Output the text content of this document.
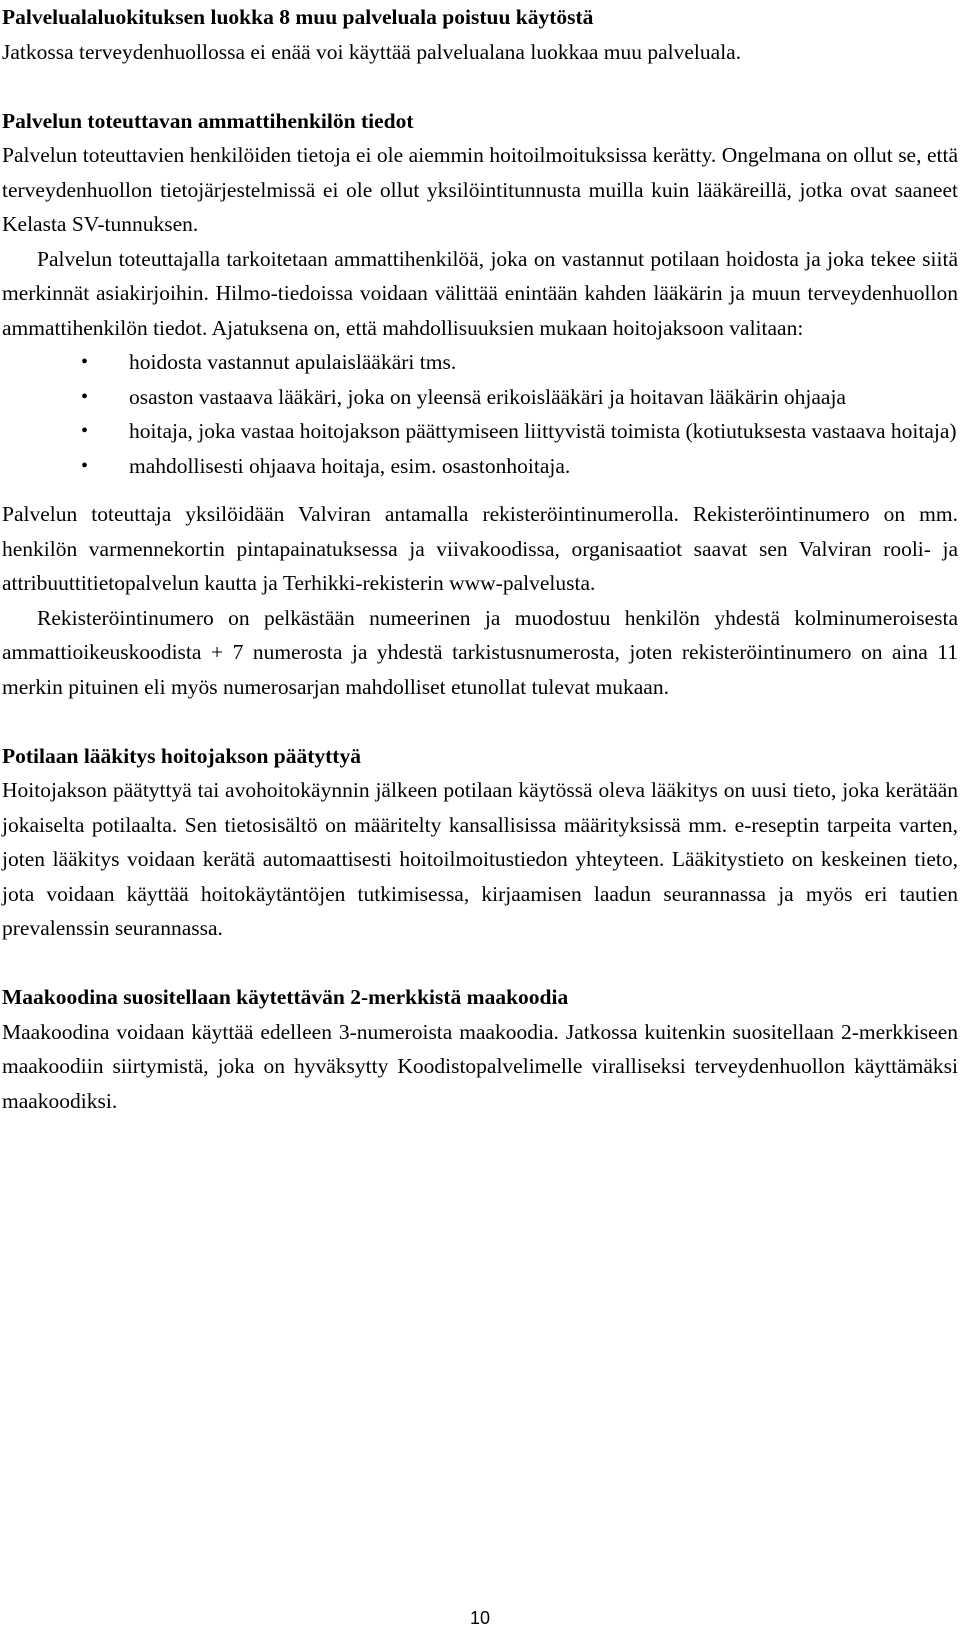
Palvelualaluokituksen luokka 8 muu palveluala poistuu käytöstä

Jatkossa terveydenhuollossa ei enää voi käyttää palvelualana luokkaa muu palveluala.

Palvelun toteuttavan ammattihenkilön tiedot

Palvelun toteuttavien henkilöiden tietoja ei ole aiemmin hoitoilmoituksissa kerätty. Ongelmana on ollut se, että terveydenhuollon tietojärjestelmissä ei ole ollut yksilöintitunnusta muilla kuin lääkäreillä, jotka ovat saaneet Kelasta SV-tunnuksen.

Palvelun toteuttajalla tarkoitetaan ammattihenkilöä, joka on vastannut potilaan hoidosta ja joka tekee siitä merkinnät asiakirjoihin. Hilmo-tiedoissa voidaan välittää enintään kahden lääkärin ja muun terveydenhuollon ammattihenkilön tiedot. Ajatuksena on, että mahdollisuuksien mukaan hoitojaksoon valitaan:

• hoidosta vastannut apulaislääkäri tms.
• osaston vastaava lääkäri, joka on yleensä erikoislääkäri ja hoitavan lääkärin ohjaaja
• hoitaja, joka vastaa hoitojakson päättymiseen liittyvistä toimista (kotiutuksesta vastaava hoitaja)
• mahdollisesti ohjaava hoitaja, esim. osastonhoitaja.

Palvelun toteuttaja yksilöidään Valviran antamalla rekisteröintinumerolla. Rekisteröintinumero on mm. henkilön varmennekortin pintapainatuksessa ja viivakoodissa, organisaatiot saavat sen Valviran rooli- ja attribuuttitietopalvelun kautta ja Terhikki-rekisterin www-palvelusta.

Rekisteröintinumero on pelkästään numeerinen ja muodostuu henkilön yhdestä kolminumeroisesta ammattioikeuskoodista + 7 numerosta ja yhdestä tarkistusnumerosta, joten rekisteröintinumero on aina 11 merkin pituinen eli myös numerosarjan mahdolliset etunollat tulevat mukaan.

Potilaan lääkitys hoitojakson päätyttyä

Hoitojakson päätyttyä tai avohoitokäynnin jälkeen potilaan käytössä oleva lääkitys on uusi tieto, joka kerätään jokaiselta potilaalta. Sen tietosisältö on määritelty kansallisissa määrityksissä mm. e-reseptin tarpeita varten, joten lääkitys voidaan kerätä automaattisesti hoitoilmoitustiedon yhteyteen. Lääkitystieto on keskeinen tieto, jota voidaan käyttää hoitokäytäntöjen tutkimisessa, kirjaamisen laadun seurannassa ja myös eri tautien prevalenssin seurannassa.

Maakoodina suositellaan käytettävän 2-merkkistä maakoodia

Maakoodina voidaan käyttää edelleen 3-numeroista maakoodia. Jatkossa kuitenkin suositellaan 2-merkkiseen maakoodiin siirtymistä, joka on hyväksytty Koodistopalvelimelle viralliseksi terveydenhuollon käyttämäksi maakoodiksi.

10
